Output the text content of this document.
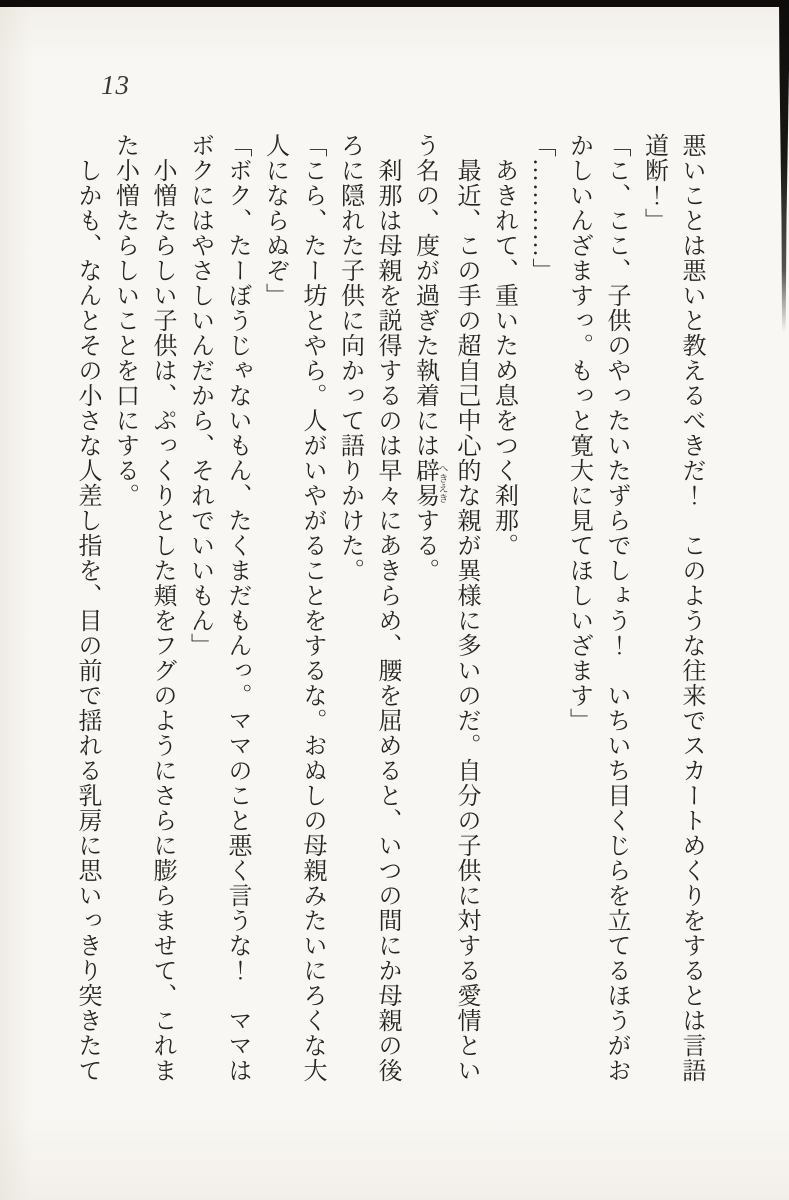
13

悪いことは悪いと教えるべきだ！　このような往来でスカートめくりをするとは言語

道断！」

「こ、ここ、子供のやったいたずらでしょう！　いちいち目くじらを立てるほうがお

かしいんざますっ。もっと寛大に見てほしいざます」

「…………」

あきれて、重いため息をつく刹那。

最近、この手の超自己中心的な親が異様に多いのだ。自分の子供に対する愛情とい

う名の、度が過ぎた執着には辟易へきえきする。

刹那は母親を説得するのは早々にあきらめ、腰を屈めると、いつの間にか母親の後

ろに隠れた子供に向かって語りかけた。

「こら、たー坊とやら。人がいやがることをするな。おぬしの母親みたいにろくな大

人にならぬぞ」

「ボク、たーぼうじゃないもん、たくまだもんっ。ママのこと悪く言うな！　ママは

ボクにはやさしいんだから、それでいいもん」

小憎たらしい子供は、ぷっくりとした頬をフグのようにさらに膨らませて、これま

た小憎たらしいことを口にする。

しかも、なんとその小さな人差し指を、目の前で揺れる乳房に思いっきり突きたて
